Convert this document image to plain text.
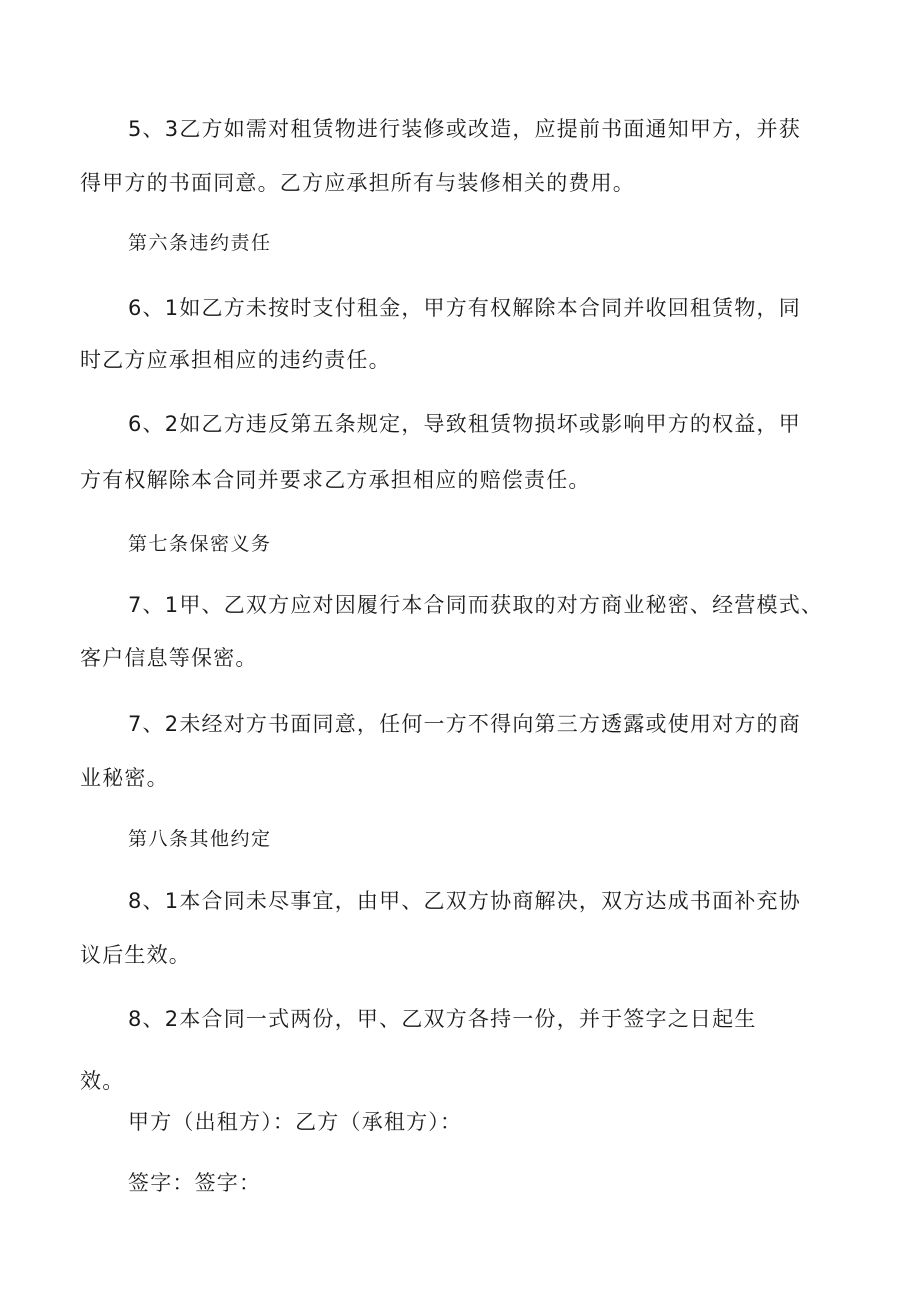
5、3乙方如需对租赁物进行装修或改造，应提前书面通知甲方，并获
得甲方的书面同意。乙方应承担所有与装修相关的费用。
第六条违约责任
6、1如乙方未按时支付租金，甲方有权解除本合同并收回租赁物，同
时乙方应承担相应的违约责任。
6、2如乙方违反第五条规定，导致租赁物损坏或影响甲方的权益，甲
方有权解除本合同并要求乙方承担相应的赔偿责任。
第七条保密义务
7、1甲、乙双方应对因履行本合同而获取的对方商业秘密、经营模式、
客户信息等保密。
7、2未经对方书面同意，任何一方不得向第三方透露或使用对方的商
业秘密。
第八条其他约定
8、1本合同未尽事宜，由甲、乙双方协商解决，双方达成书面补充协
议后生效。
8、2本合同一式两份，甲、乙双方各持一份，并于签字之日起生
效。
甲方（出租方）：乙方（承租方）：
签字：签字：
